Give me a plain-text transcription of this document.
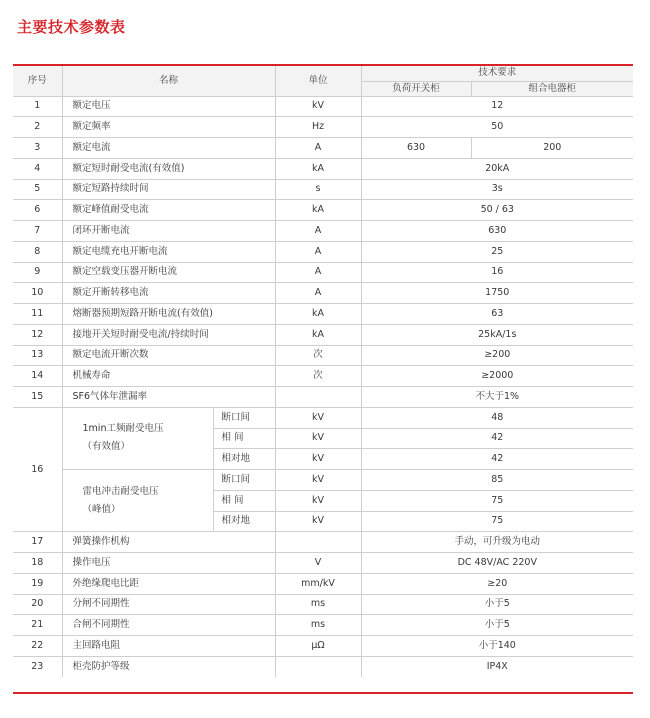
主要技术参数表
序号	名称		单位	技术要求	
				负荷开关柜	组合电器柜
1	额定电压		kV	12	
2	额定频率		Hz	50	
3	额定电流		A	630	200
4	额定短时耐受电流(有效值)		kA	20kA	
5	额定短路持续时间		s	3s	
6	额定峰值耐受电流		kA	50 / 63	
7	闭环开断电流		A	630	
8	额定电缆充电开断电流		A	25	
9	额定空载变压器开断电流		A	16	
10	额定开断转移电流		A	1750	
11	熔断器预期短路开断电流(有效值)		kA	63	
12	接地开关短时耐受电流/持续时间		kA	25kA/1s	
13	额定电流开断次数		次	≥200	
14	机械寿命		次	≥2000	
15	SF6气体年泄漏率			不大于1%	
16	1min工频耐受电压
（有效值）	断口间	kV	48	
		相 间	kV	42	
		相对地	kV	42	

	雷电冲击耐受电压
（峰值）	断口间	kV	85	
		相 间	kV	75	
		相对地	kV	75	
17	弹簧操作机构			手动，可升级为电动	
18	操作电压		V	DC 48V/AC 220V	
19	外绝缘爬电比距		mm/kV	≥20	
20	分闸不同期性		ms	小于5	
21	合闸不同期性		ms	小于5	
22	主回路电阻		μΩ	小于140	
23	柜壳防护等级			IP4X	
